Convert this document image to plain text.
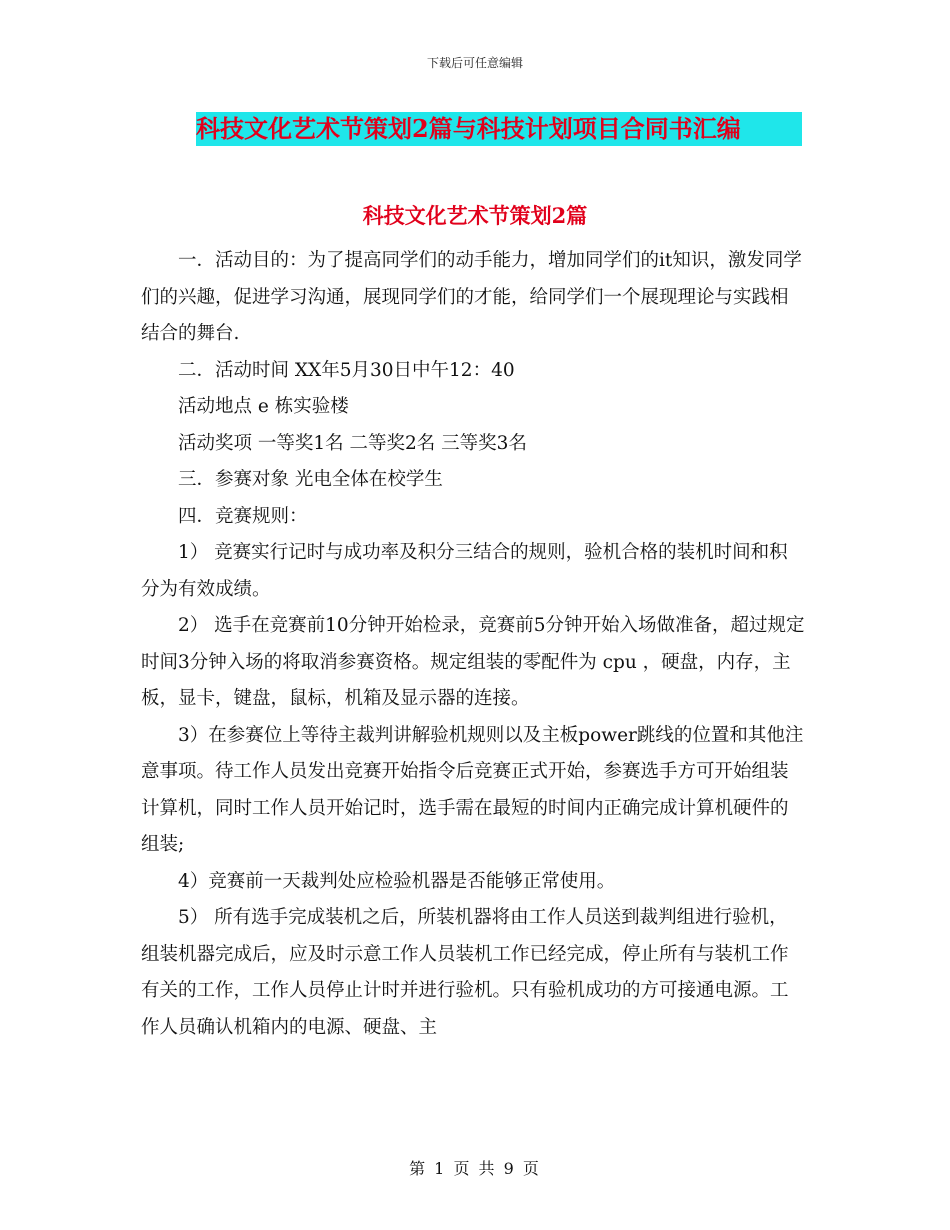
下载后可任意编辑
科技文化艺术节策划2篇与科技计划项目合同书汇编
科技文化艺术节策划2篇

一．活动目的：为了提高同学们的动手能力，增加同学们的it知识，激发同学们的兴趣，促进学习沟通，展现同学们的才能，给同学们一个展现理论与实践相结合的舞台.

二．活动时间 XX年5月30日中午12：40

活动地点 e 栋实验楼

活动奖项 一等奖1名 二等奖2名 三等奖3名

三．参赛对象 光电全体在校学生

四．竞赛规则：

1） 竞赛实行记时与成功率及积分三结合的规则，验机合格的装机时间和积分为有效成绩。

2） 选手在竞赛前10分钟开始检录，竞赛前5分钟开始入场做准备，超过规定时间3分钟入场的将取消参赛资格。规定组装的零配件为 cpu ，硬盘，内存，主板，显卡，键盘，鼠标，机箱及显示器的连接。

3）在参赛位上等待主裁判讲解验机规则以及主板power跳线的位置和其他注意事项。待工作人员发出竞赛开始指令后竞赛正式开始，参赛选手方可开始组装计算机，同时工作人员开始记时，选手需在最短的时间内正确完成计算机硬件的组装;

4）竞赛前一天裁判处应检验机器是否能够正常使用。

5） 所有选手完成装机之后，所装机器将由工作人员送到裁判组进行验机，组装机器完成后，应及时示意工作人员装机工作已经完成，停止所有与装机工作有关的工作，工作人员停止计时并进行验机。只有验机成功的方可接通电源。工作人员确认机箱内的电源、硬盘、主

第 1 页 共 9 页
